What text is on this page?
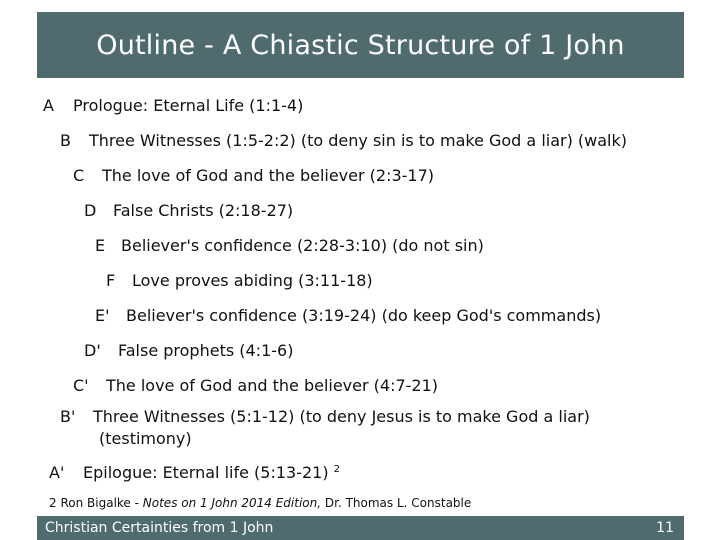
Outline - A Chiastic Structure of 1 John
A Prologue: Eternal Life (1:1-4)
B Three Witnesses (1:5-2:2) (to deny sin is to make God a liar) (walk)
C The love of God and the believer (2:3-17)
D False Christs (2:18-27)
E Believer's confidence (2:28-3:10) (do not sin)
F Love proves abiding (3:11-18)
E' Believer's confidence (3:19-24) (do keep God's commands)
D' False prophets (4:1-6)
C' The love of God and the believer (4:7-21)
B' Three Witnesses (5:1-12) (to deny Jesus is to make God a liar)
(testimony)
A' Epilogue: Eternal life (5:13-21) $^2$
2 Ron Bigalke - Notes on 1 John 2014 Edition, Dr. Thomas L. Constable
Christian Certainties from 1 John	11
